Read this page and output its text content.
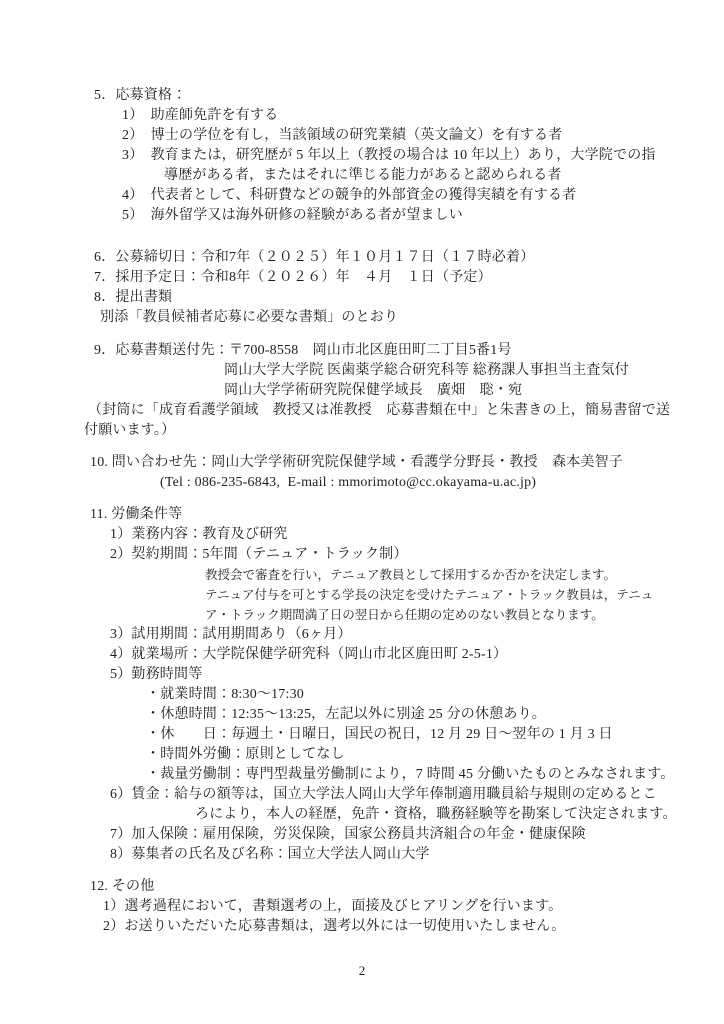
5．応募資格：
1）　助産師免許を有する
2）　博士の学位を有し，当該領域の研究業績（英文論文）を有する者
3）　教育または，研究歴が 5 年以上（教授の場合は 10 年以上）あり，大学院での指
導歴がある者，またはそれに準じる能力があると認められる者
4）　代表者として、科研費などの競争的外部資金の獲得実績を有する者
5）　海外留学又は海外研修の経験がある者が望ましい
6．公募締切日：令和7年（２０２５）年１０月１７日（１７時必着）
7．採用予定日：令和8年（２０２６）年　４月　１日（予定）
8．提出書類
別添「教員候補者応募に必要な書類」のとおり
9．応募書類送付先：〒700-8558　岡山市北区鹿田町二丁目5番1号
岡山大学大学院 医歯薬学総合研究科等 総務課人事担当主査気付
岡山大学学術研究院保健学域長　廣畑　聡・宛
（封筒に「成育看護学領域　教授又は准教授　応募書類在中」と朱書きの上，簡易書留で送
付願います。）
10. 問い合わせ先：岡山大学学術研究院保健学域・看護学分野長・教授　森本美智子
(Tel : 086-235-6843,  E-mail : mmorimoto@cc.okayama-u.ac.jp)
11. 労働条件等
1）業務内容：教育及び研究
2）契約期間：5年間（テニュア・トラック制）
教授会で審査を行い，テニュア教員として採用するか否かを決定します。
テニュア付与を可とする学長の決定を受けたテニュア・トラック教員は，テニュ
ア・トラック期間満了日の翌日から任期の定めのない教員となります。
3）試用期間：試用期間あり（6ヶ月）
4）就業場所：大学院保健学研究科（岡山市北区鹿田町 2-5-1）
5）勤務時間等
・就業時間：8:30〜17:30
・休憩時間：12:35〜13:25，左記以外に別途 25 分の休憩あり。
・休　　日：毎週土・日曜日，国民の祝日，12 月 29 日〜翌年の 1 月 3 日
・時間外労働：原則としてなし
・裁量労働制：専門型裁量労働制により，7 時間 45 分働いたものとみなされます。
6）賃金：給与の額等は，国立大学法人岡山大学年俸制適用職員給与規則の定めるとこ
ろにより，本人の経歴，免許・資格，職務経験等を勘案して決定されます。
7）加入保険：雇用保険，労災保険，国家公務員共済組合の年金・健康保険
8）募集者の氏名及び名称：国立大学法人岡山大学
12. その他
1）選考過程において，書類選考の上，面接及びヒアリングを行います。
2）お送りいただいた応募書類は，選考以外には一切使用いたしません。
2
